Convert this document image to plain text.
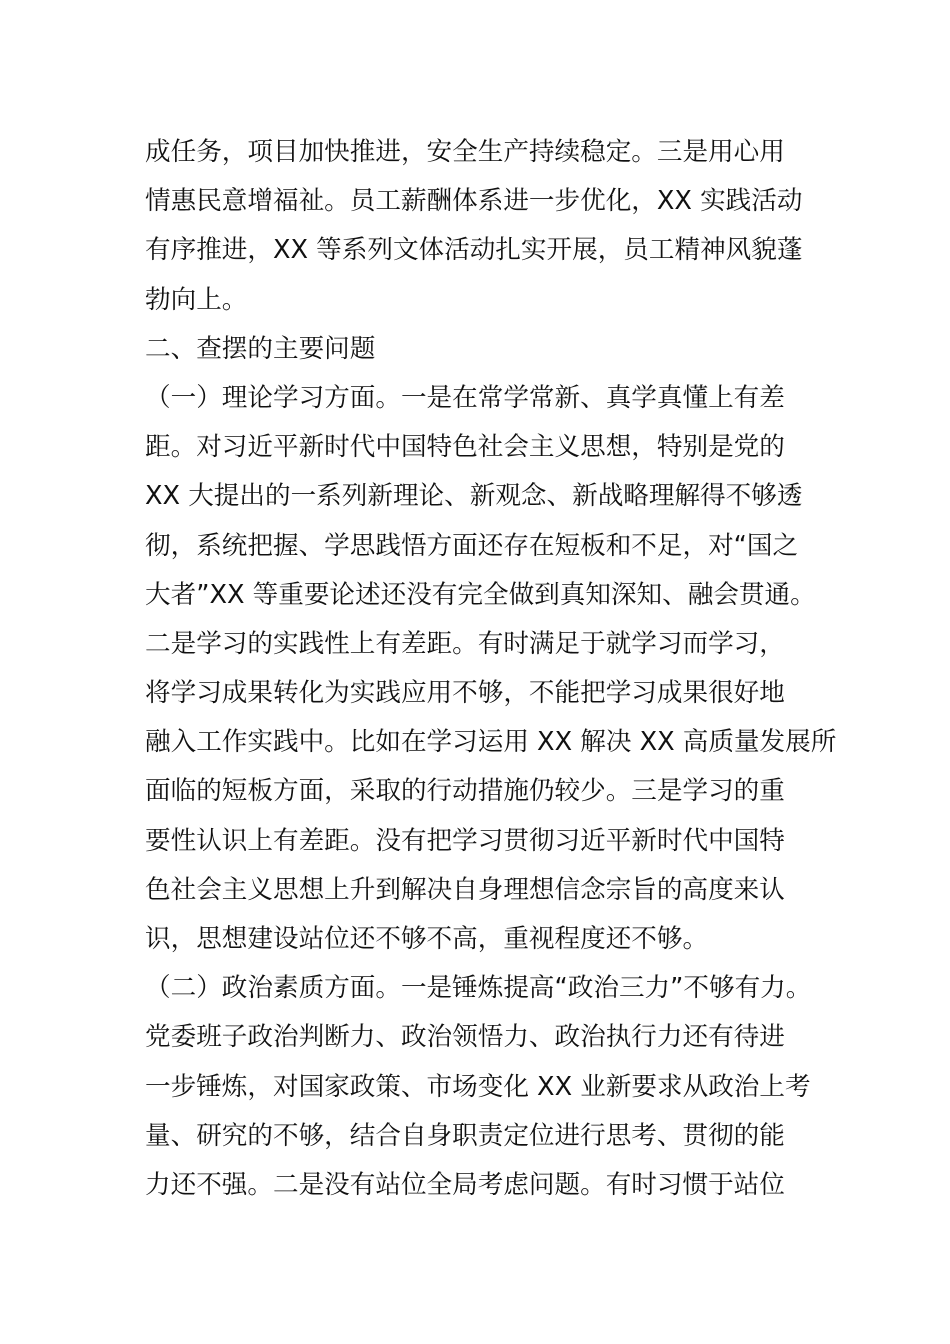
成任务，项目加快推进，安全生产持续稳定。三是用心用
情惠民意增福祉。员工薪酬体系进一步优化，XX 实践活动
有序推进，XX 等系列文体活动扎实开展，员工精神风貌蓬
勃向上。
二、查摆的主要问题
（一）理论学习方面。一是在常学常新、真学真懂上有差
距。对习近平新时代中国特色社会主义思想，特别是党的
XX 大提出的一系列新理论、新观念、新战略理解得不够透
彻，系统把握、学思践悟方面还存在短板和不足，对“国之
大者”XX 等重要论述还没有完全做到真知深知、融会贯通。
二是学习的实践性上有差距。有时满足于就学习而学习，
将学习成果转化为实践应用不够，不能把学习成果很好地
融入工作实践中。比如在学习运用 XX 解决 XX 高质量发展所
面临的短板方面，采取的行动措施仍较少。三是学习的重
要性认识上有差距。没有把学习贯彻习近平新时代中国特
色社会主义思想上升到解决自身理想信念宗旨的高度来认
识，思想建设站位还不够不高，重视程度还不够。
（二）政治素质方面。一是锤炼提高“政治三力”不够有力。
党委班子政治判断力、政治领悟力、政治执行力还有待进
一步锤炼，对国家政策、市场变化 XX 业新要求从政治上考
量、研究的不够，结合自身职责定位进行思考、贯彻的能
力还不强。二是没有站位全局考虑问题。有时习惯于站位
